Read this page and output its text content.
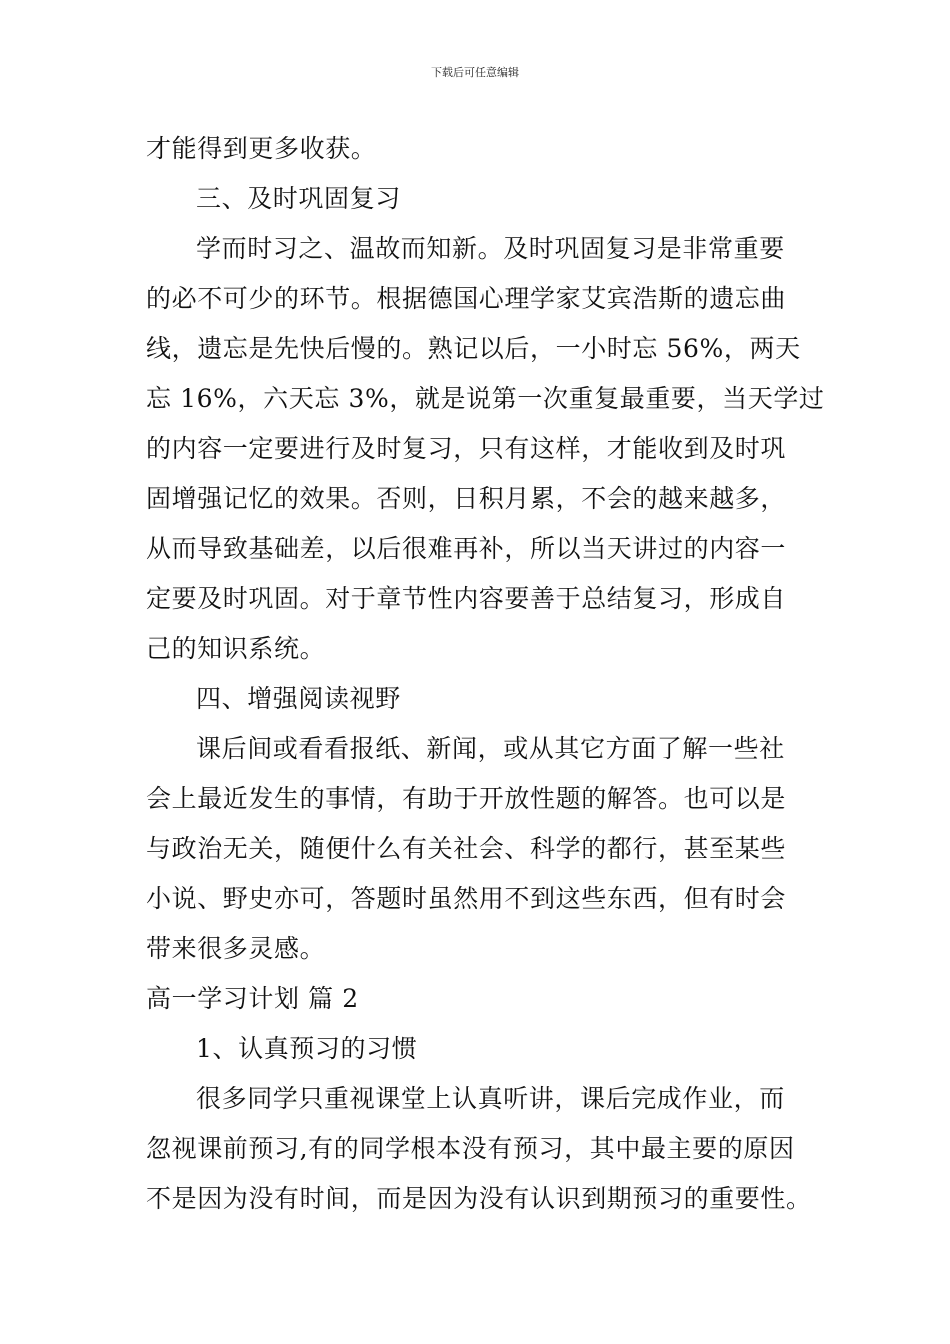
下载后可任意编辑
才能得到更多收获。
三、及时巩固复习
学而时习之、温故而知新。及时巩固复习是非常重要
的必不可少的环节。根据德国心理学家艾宾浩斯的遗忘曲
线，遗忘是先快后慢的。熟记以后，一小时忘 56%，两天
忘 16%，六天忘 3%，就是说第一次重复最重要，当天学过
的内容一定要进行及时复习，只有这样，才能收到及时巩
固增强记忆的效果。否则，日积月累，不会的越来越多，
从而导致基础差，以后很难再补，所以当天讲过的内容一
定要及时巩固。对于章节性内容要善于总结复习，形成自
己的知识系统。
四、增强阅读视野
课后间或看看报纸、新闻，或从其它方面了解一些社
会上最近发生的事情，有助于开放性题的解答。也可以是
与政治无关，随便什么有关社会、科学的都行，甚至某些
小说、野史亦可，答题时虽然用不到这些东西，但有时会
带来很多灵感。
高一学习计划 篇 2
1、认真预习的习惯
很多同学只重视课堂上认真听讲，课后完成作业，而
忽视课前预习,有的同学根本没有预习，其中最主要的原因
不是因为没有时间，而是因为没有认识到期预习的重要性。
